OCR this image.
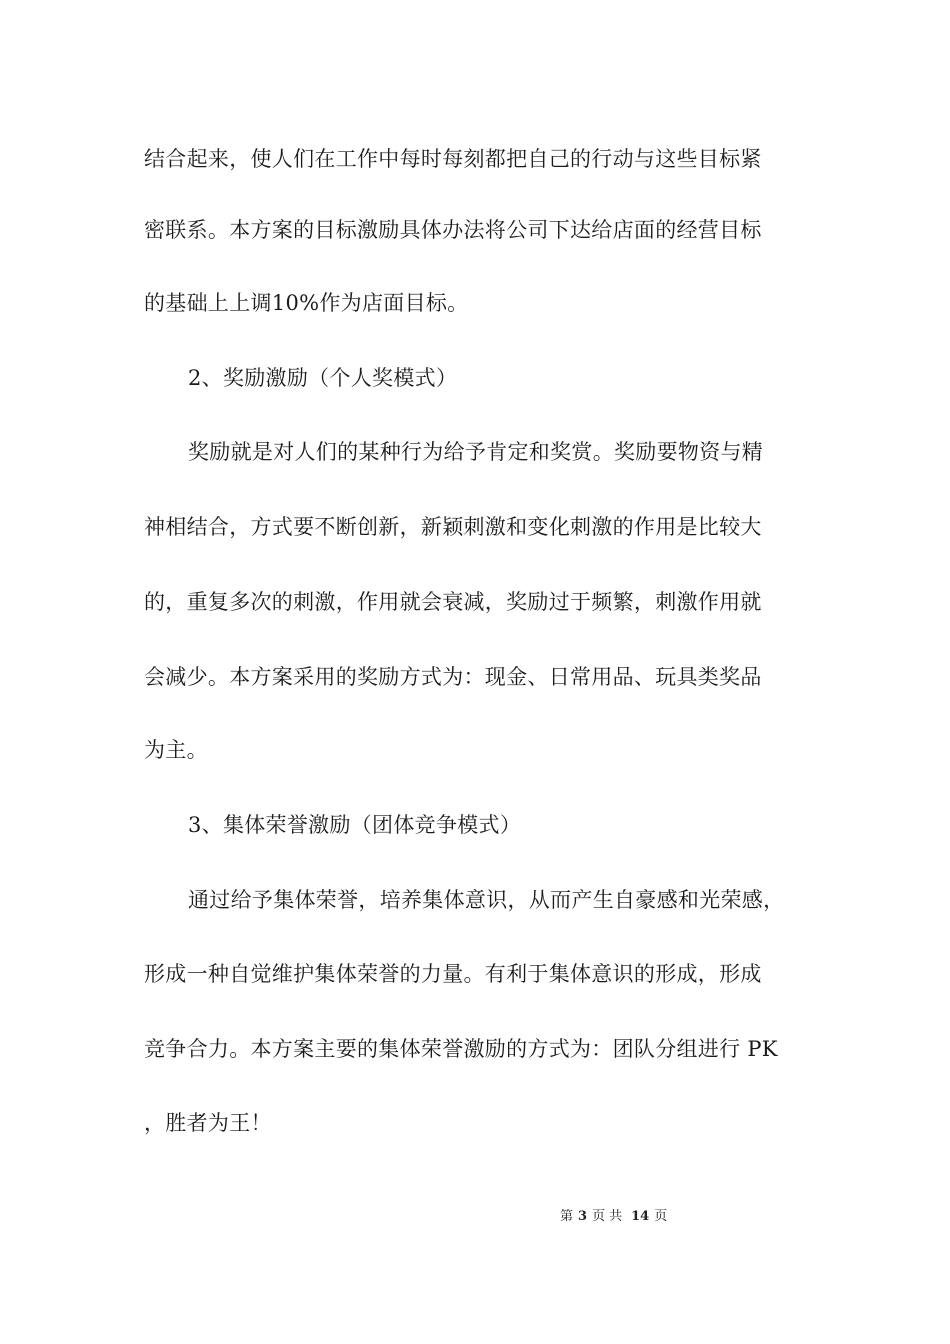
结合起来，使人们在工作中每时每刻都把自己的行动与这些目标紧
密联系。本方案的目标激励具体办法将公司下达给店面的经营目标
的基础上上调10%作为店面目标。
2、奖励激励（个人奖模式）
奖励就是对人们的某种行为给予肯定和奖赏。奖励要物资与精
神相结合，方式要不断创新，新颖刺激和变化刺激的作用是比较大
的，重复多次的刺激，作用就会衰减，奖励过于频繁，刺激作用就
会减少。本方案采用的奖励方式为：现金、日常用品、玩具类奖品
为主。
3、集体荣誉激励（团体竞争模式）
通过给予集体荣誉，培养集体意识，从而产生自豪感和光荣感，
形成一种自觉维护集体荣誉的力量。有利于集体意识的形成，形成
竞争合力。本方案主要的集体荣誉激励的方式为：团队分组进行 PK
，胜者为王！
第 3 页 共 14 页
